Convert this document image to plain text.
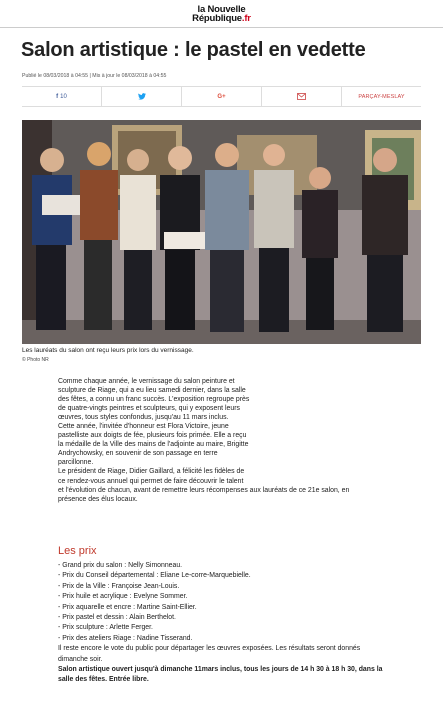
la Nouvelle
République.fr
Salon artistique : le pastel en vedette
Publié le 08/03/2018 à 04:55 | Mis à jour le 08/03/2018 à 04:55
f 10	G+	PARÇAY-MESLAY
Les lauréats du salon ont reçu leurs prix lors du vernissage.
© Photo NR

Comme chaque année, le vernissage du salon peinture et

sculpture de Riage, qui a eu lieu samedi dernier, dans la salle

des fêtes, a connu un franc succès. L'exposition regroupe près

de quatre-vingts peintres et sculpteurs, qui y exposent leurs

œuvres, tous styles confondus, jusqu'au 11 mars inclus.

Cette année, l'invitée d'honneur est Flora Victoire, jeune

pastelliste aux doigts de fée, plusieurs fois primée. Elle a reçu

la médaille de la Ville des mains de l'adjointe au maire, Brigitte

Andrychowsky, en souvenir de son passage en terre

parcillonne.

Le président de Riage, Didier Gaillard, a félicité les fidèles de

ce rendez-vous annuel qui permet de faire découvrir le talent

et l'évolution de chacun, avant de remettre leurs récompenses aux lauréats de ce 21e salon, en

présence des élus locaux.

Les prix

- Grand prix du salon : Nelly Simonneau.

- Prix du Conseil départemental : Eliane Le-corre-Marquebielle.

- Prix de la Ville : Françoise Jean-Louis.

- Prix huile et acrylique : Evelyne Sommer.

- Prix aquarelle et encre : Martine Saint-Ellier.

- Prix pastel et dessin : Alain Berthelot.

- Prix sculpture : Arlette Ferger.

- Prix des ateliers Riage : Nadine Tisserand.

Il reste encore le vote du public pour départager les œuvres exposées. Les résultats seront donnés

dimanche soir.

Salon artistique ouvert jusqu'à dimanche 11mars inclus, tous les jours de 14 h 30 à 18 h 30, dans la

salle des fêtes. Entrée libre.
